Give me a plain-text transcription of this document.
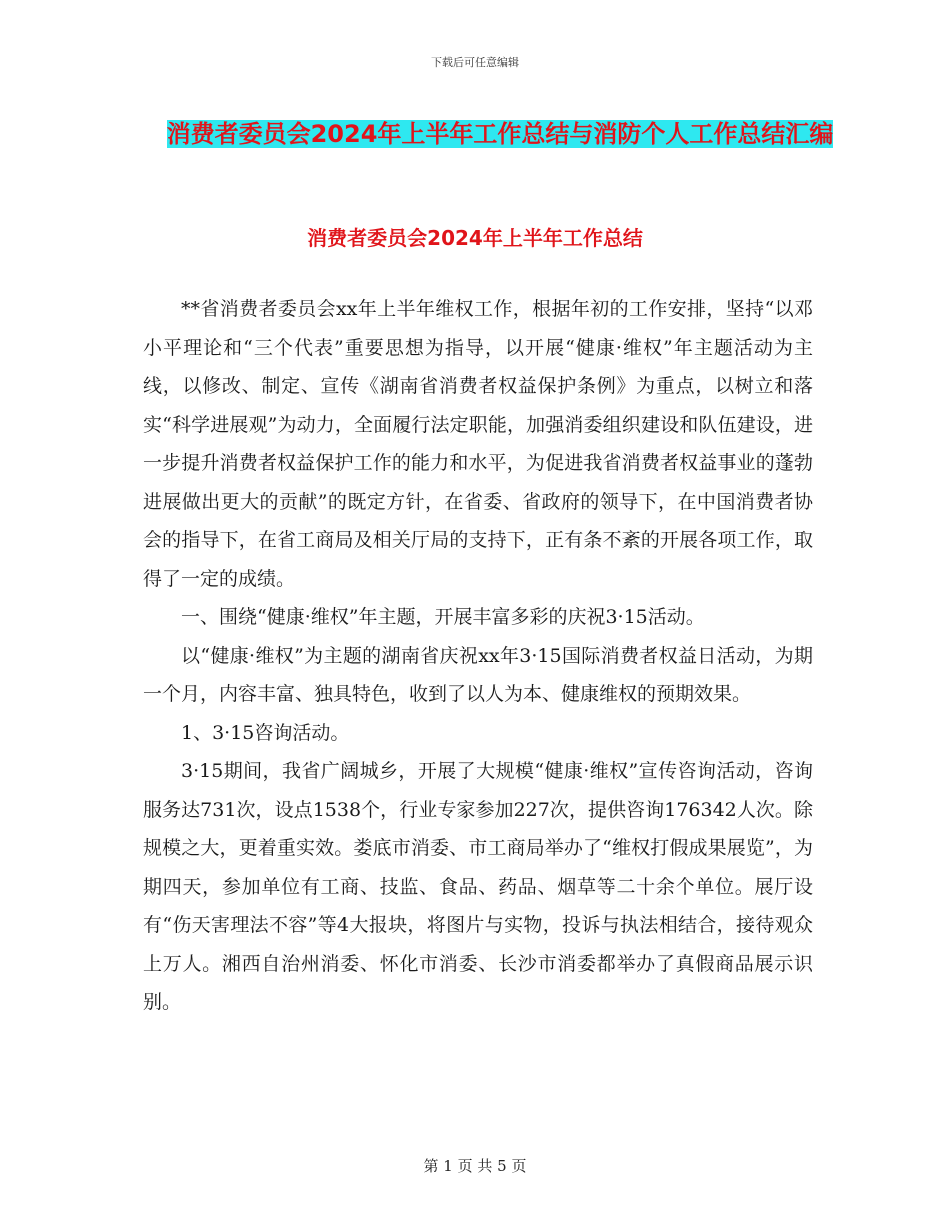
下载后可任意编辑
消费者委员会2024年上半年工作总结与消防个人工作总结汇编
消费者委员会2024年上半年工作总结

**省消费者委员会xx年上半年维权工作，根据年初的工作安排，坚持“以邓小平理论和“三个代表”重要思想为指导，以开展“健康·维权”年主题活动为主线，以修改、制定、宣传《湖南省消费者权益保护条例》为重点，以树立和落实“科学进展观”为动力，全面履行法定职能，加强消委组织建设和队伍建设，进一步提升消费者权益保护工作的能力和水平，为促进我省消费者权益事业的蓬勃进展做出更大的贡献”的既定方针，在省委、省政府的领导下，在中国消费者协会的指导下，在省工商局及相关厅局的支持下，正有条不紊的开展各项工作，取得了一定的成绩。

一、围绕“健康·维权”年主题，开展丰富多彩的庆祝3·15活动。

以“健康·维权”为主题的湖南省庆祝xx年3·15国际消费者权益日活动，为期一个月，内容丰富、独具特色，收到了以人为本、健康维权的预期效果。

1、3·15咨询活动。

3·15期间，我省广阔城乡，开展了大规模“健康·维权”宣传咨询活动，咨询服务达731次，设点1538个，行业专家参加227次，提供咨询176342人次。除规模之大，更着重实效。娄底市消委、市工商局举办了“维权打假成果展览”，为期四天，参加单位有工商、技监、食品、药品、烟草等二十余个单位。展厅设有“伤天害理法不容”等4大报块，将图片与实物，投诉与执法相结合，接待观众上万人。湘西自治州消委、怀化市消委、长沙市消委都举办了真假商品展示识别。

第 1 页 共 5 页
